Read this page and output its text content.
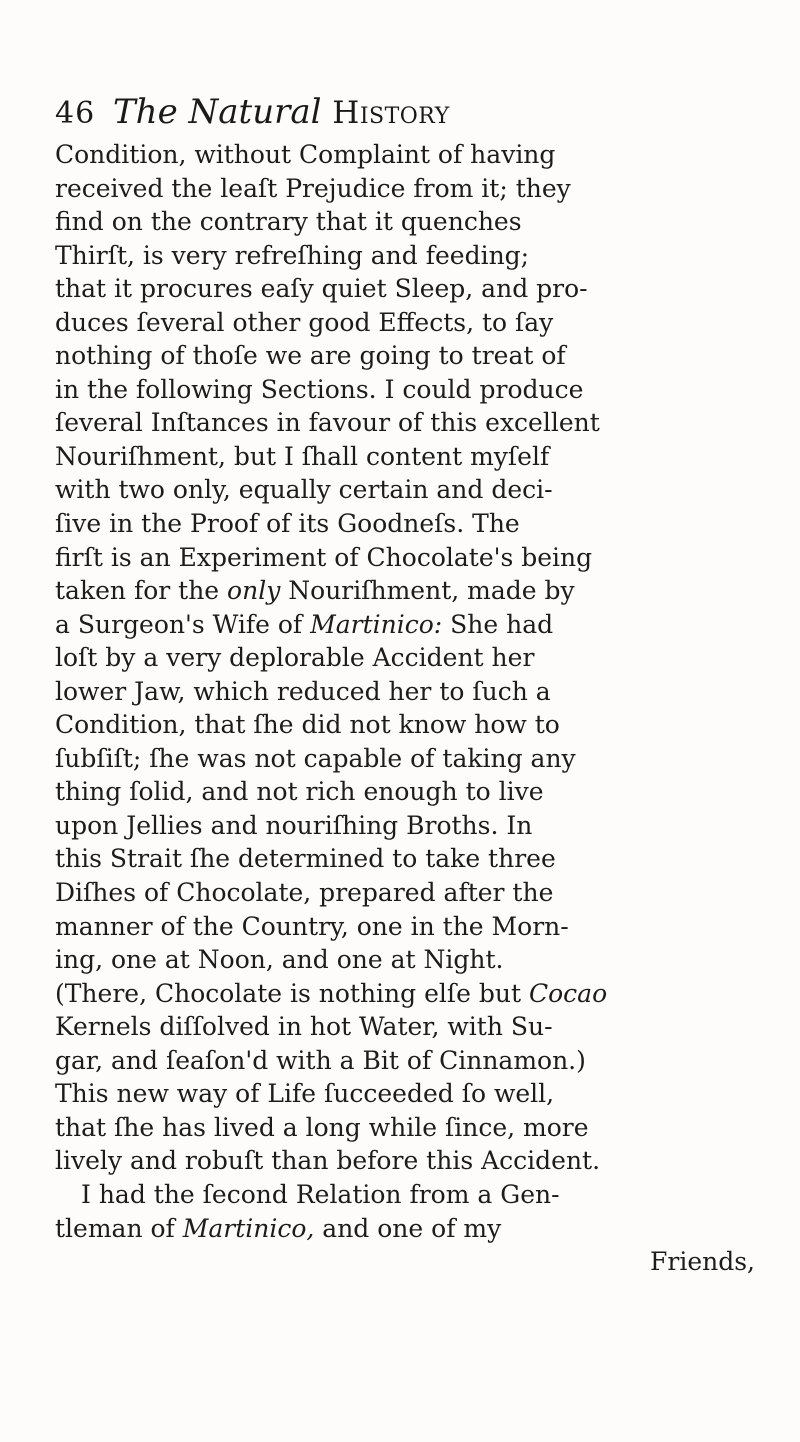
46 The Natural History
Condition, without Complaint of having
received the leaſt Prejudice from it; they
find on the contrary that it quenches
Thirſt, is very refreſhing and feeding;
that it procures eaſy quiet Sleep, and pro-
duces ſeveral other good Effects, to ſay
nothing of thoſe we are going to treat of
in the following Sections. I could produce
ſeveral Inſtances in favour of this excellent
Nouriſhment, but I ſhall content myſelf
with two only, equally certain and deci-
ſive in the Proof of its Goodneſs. The
firſt is an Experiment of Chocolate's being
taken for the only Nouriſhment, made by
a Surgeon's Wife of Martinico: She had
loſt by a very deplorable Accident her
lower Jaw, which reduced her to ſuch a
Condition, that ſhe did not know how to
ſubſiſt; ſhe was not capable of taking any
thing ſolid, and not rich enough to live
upon Jellies and nouriſhing Broths. In
this Strait ſhe determined to take three
Diſhes of Chocolate, prepared after the
manner of the Country, one in the Morn-
ing, one at Noon, and one at Night.
(There, Chocolate is nothing elſe but Cocao
Kernels diſſolved in hot Water, with Su-
gar, and ſeaſon'd with a Bit of Cinnamon.)
This new way of Life ſucceeded ſo well,
that ſhe has lived a long while ſince, more
lively and robuſt than before this Accident.
I had the ſecond Relation from a Gen-
tleman of Martinico, and one of my
Friends,
